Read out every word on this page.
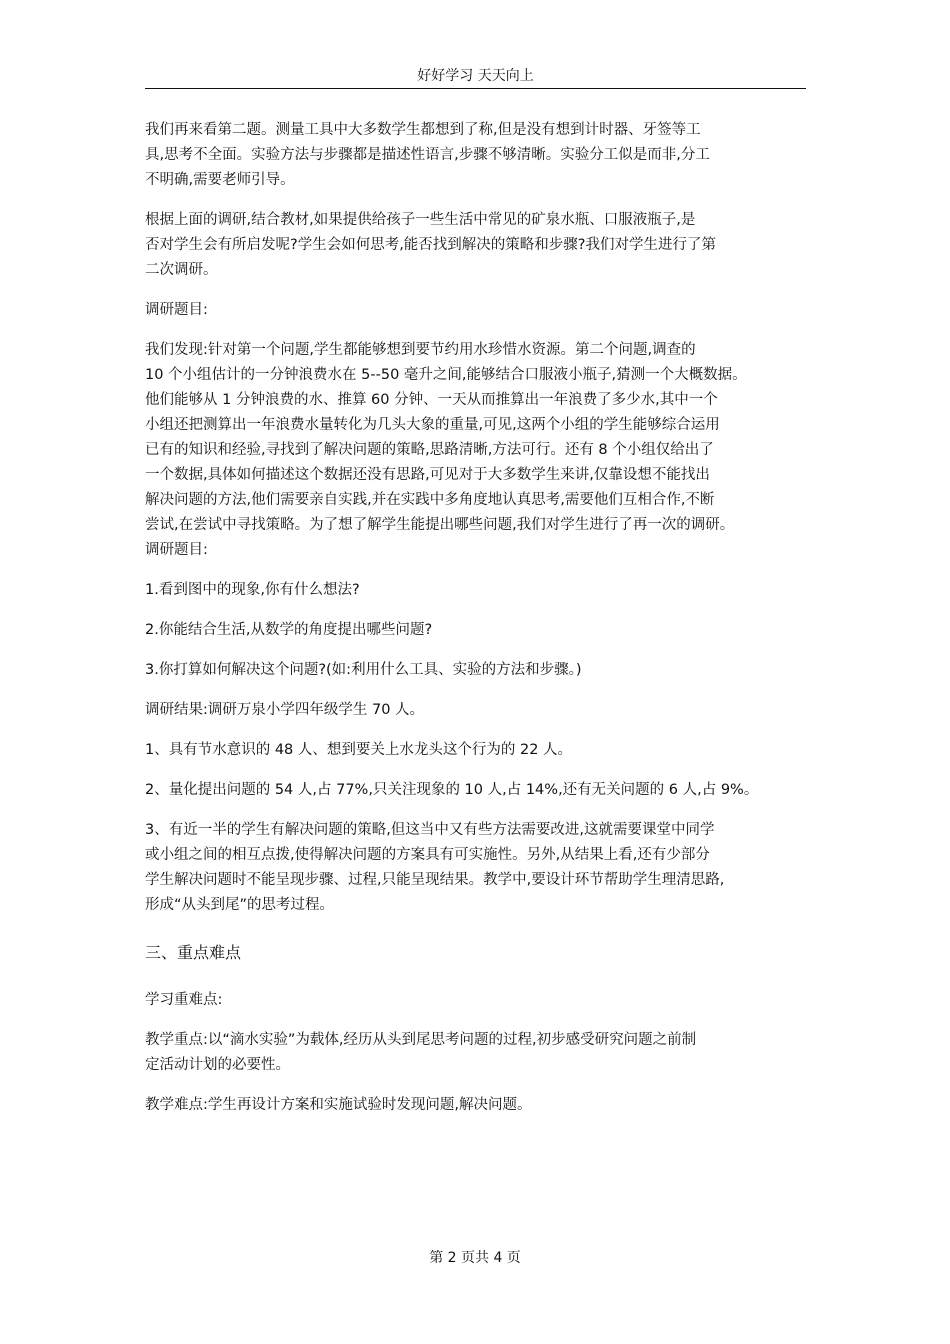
好好学习 天天向上

我们再来看第二题。测量工具中大多数学生都想到了称,但是没有想到计时器、牙签等工
具,思考不全面。实验方法与步骤都是描述性语言,步骤不够清晰。实验分工似是而非,分工
不明确,需要老师引导。

根据上面的调研,结合教材,如果提供给孩子一些生活中常见的矿泉水瓶、口服液瓶子,是
否对学生会有所启发呢?学生会如何思考,能否找到解决的策略和步骤?我们对学生进行了第
二次调研。

调研题目:

我们发现:针对第一个问题,学生都能够想到要节约用水珍惜水资源。第二个问题,调查的
10 个小组估计的一分钟浪费水在 5--50 毫升之间,能够结合口服液小瓶子,猜测一个大概数据。
他们能够从 1 分钟浪费的水、推算 60 分钟、一天从而推算出一年浪费了多少水,其中一个
小组还把测算出一年浪费水量转化为几头大象的重量,可见,这两个小组的学生能够综合运用
已有的知识和经验,寻找到了解决问题的策略,思路清晰,方法可行。还有 8 个小组仅给出了
一个数据,具体如何描述这个数据还没有思路,可见对于大多数学生来讲,仅靠设想不能找出
解决问题的方法,他们需要亲自实践,并在实践中多角度地认真思考,需要他们互相合作,不断
尝试,在尝试中寻找策略。为了想了解学生能提出哪些问题,我们对学生进行了再一次的调研。
调研题目:

1.看到图中的现象,你有什么想法?

2.你能结合生活,从数学的角度提出哪些问题?

3.你打算如何解决这个问题?(如:利用什么工具、实验的方法和步骤。)

调研结果:调研万泉小学四年级学生 70 人。

1、具有节水意识的 48 人、想到要关上水龙头这个行为的 22 人。

2、量化提出问题的 54 人,占 77%,只关注现象的 10 人,占 14%,还有无关问题的 6 人,占 9%。

3、有近一半的学生有解决问题的策略,但这当中又有些方法需要改进,这就需要课堂中同学
或小组之间的相互点拨,使得解决问题的方案具有可实施性。另外,从结果上看,还有少部分
学生解决问题时不能呈现步骤、过程,只能呈现结果。教学中,要设计环节帮助学生理清思路,
形成“从头到尾”的思考过程。

三、重点难点

学习重难点:

教学重点:以“滴水实验”为载体,经历从头到尾思考问题的过程,初步感受研究问题之前制
定活动计划的必要性。

教学难点:学生再设计方案和实施试验时发现问题,解决问题。

第 2 页共 4 页
